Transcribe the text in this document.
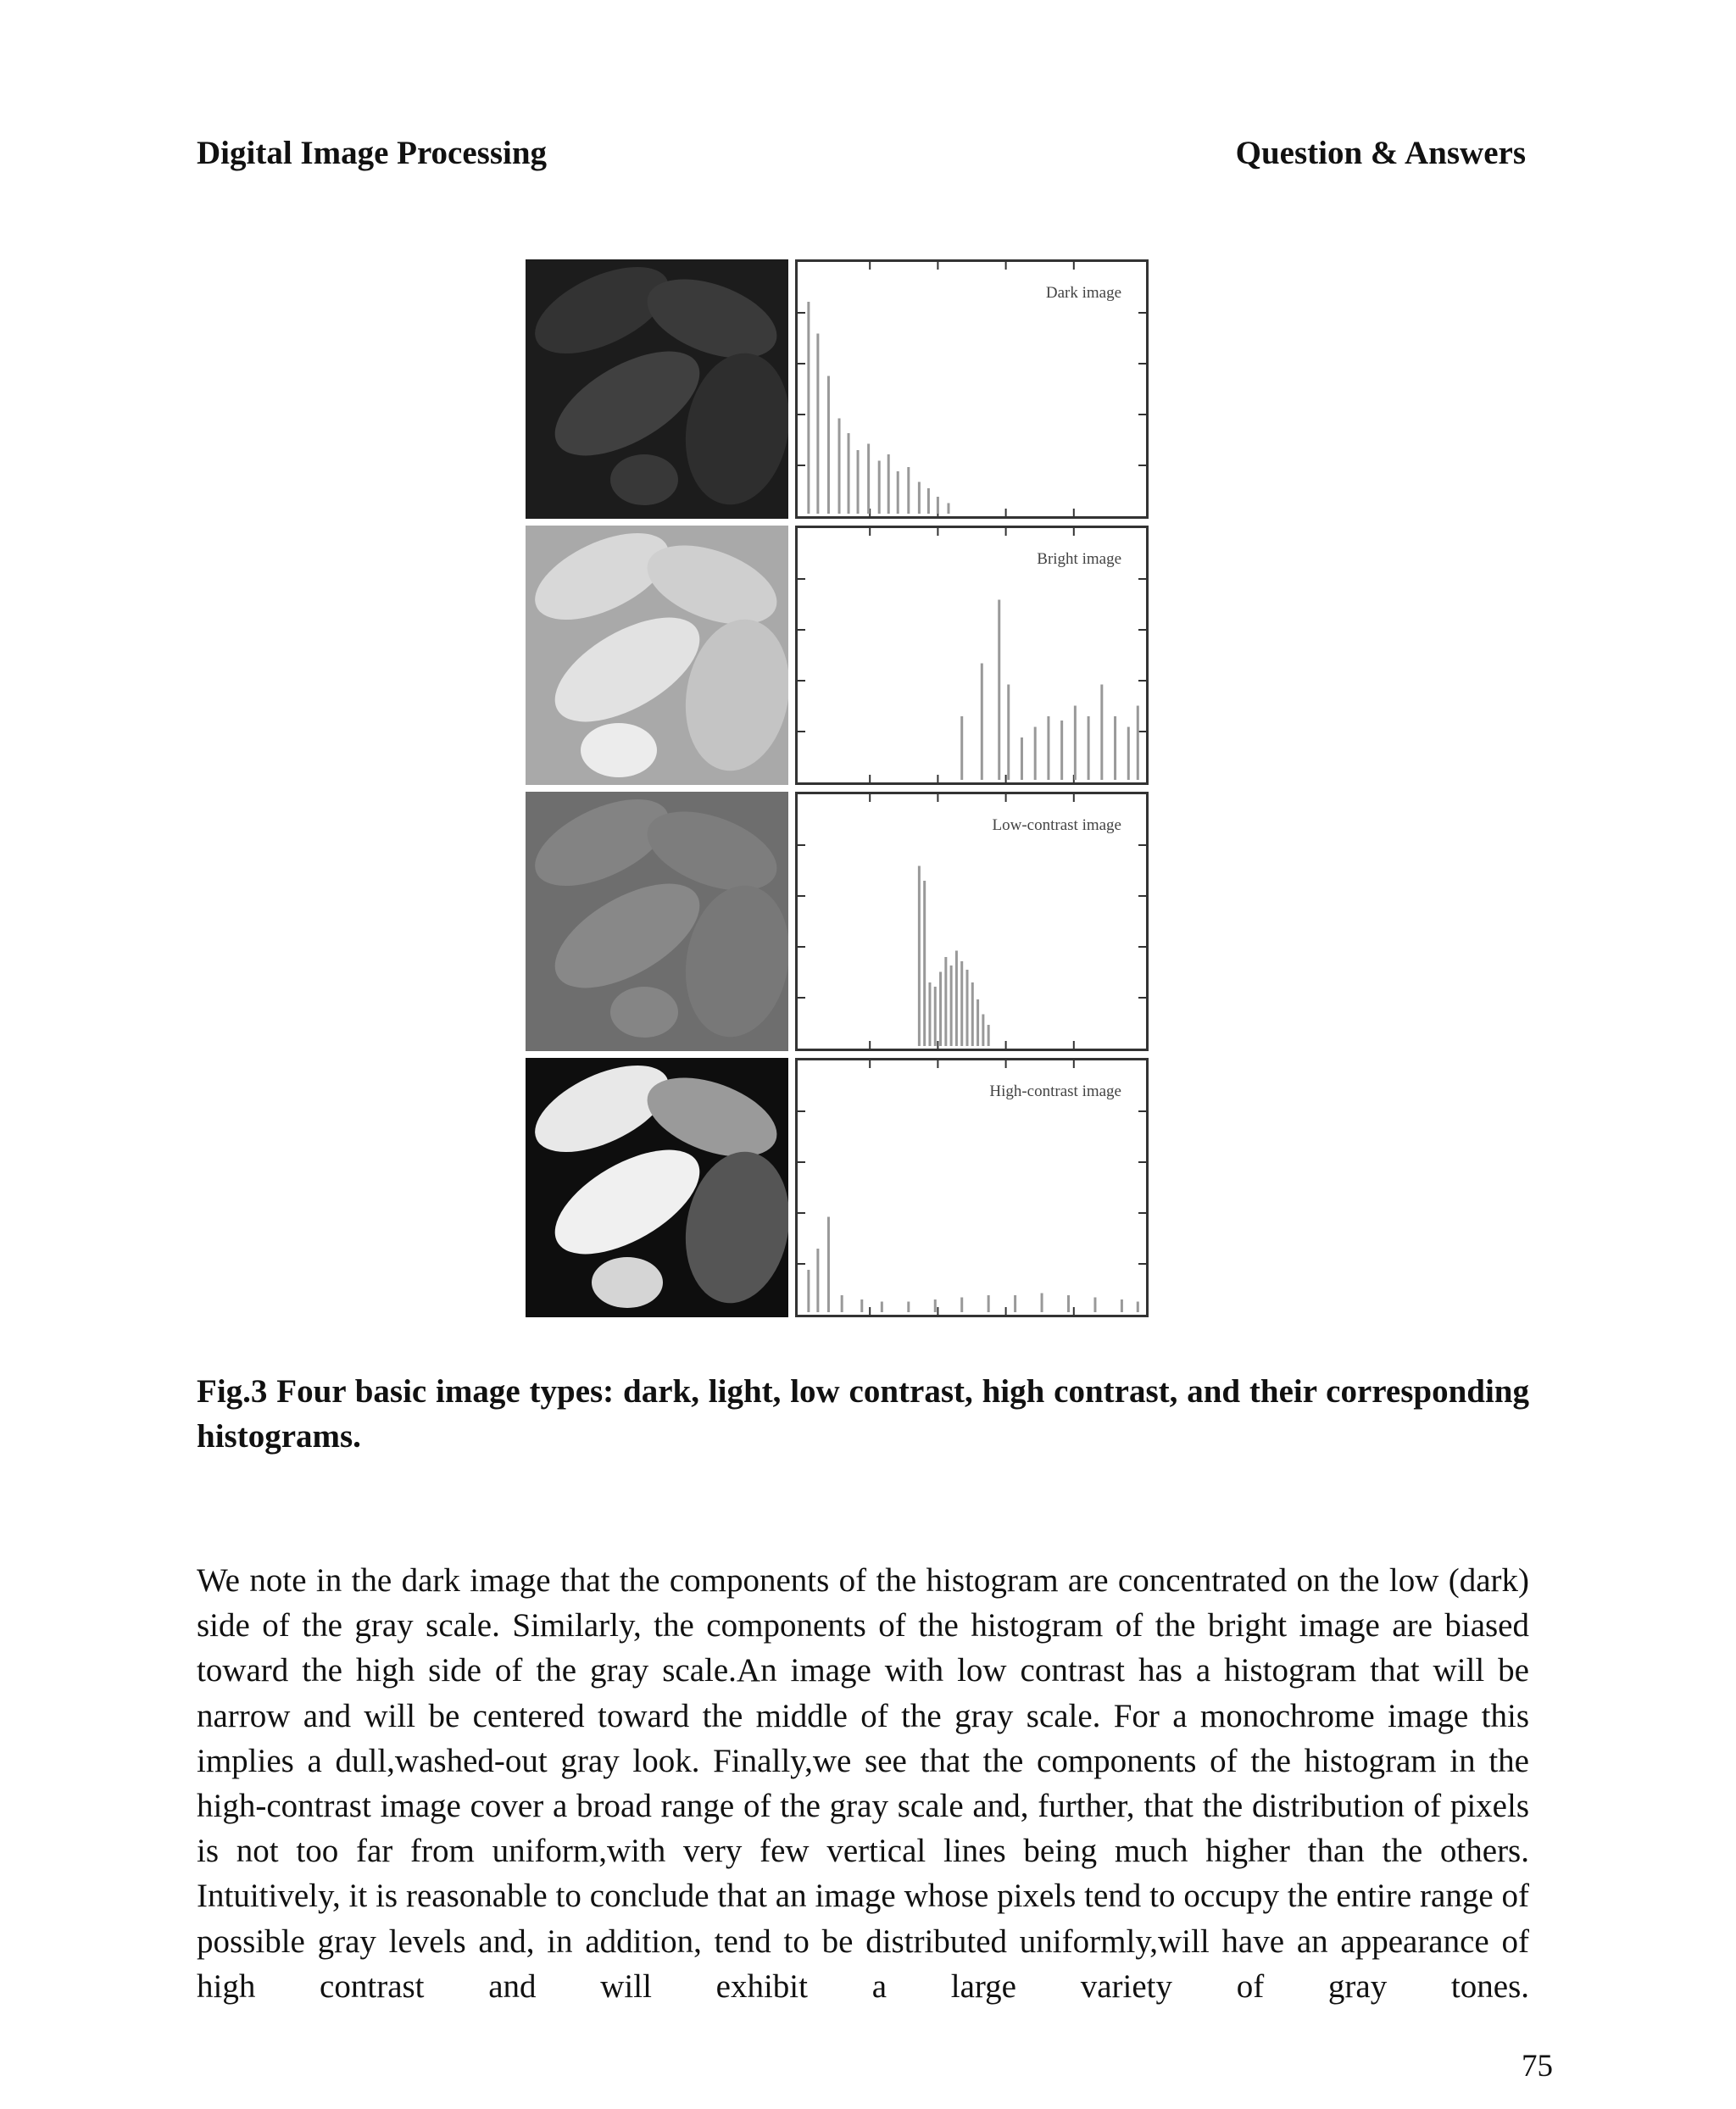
Digital Image Processing	Question & Answers
Dark image
Bright image
Low-contrast image
High-contrast image
Fig.3 Four basic image types: dark, light, low contrast, high contrast, and their corresponding histograms.
We note in the dark image that the components of the histogram are concentrated on the low (dark) side of the gray scale. Similarly, the components of the histogram of the bright image are biased toward the high side of the gray scale.An image with low contrast has a histogram that will be narrow and will be centered toward the middle of the gray scale. For a monochrome image this implies a dull,washed-out gray look. Finally,we see that the components of the histogram in the high-contrast image cover a broad range of the gray scale and, further, that the distribution of pixels is not too far from uniform,with very few vertical lines being much higher than the others. Intuitively, it is reasonable to conclude that an image whose pixels tend to occupy the entire range of possible gray levels and, in addition, tend to be distributed uniformly,will have an appearance of high contrast and will exhibit a large variety of gray tones.
75
